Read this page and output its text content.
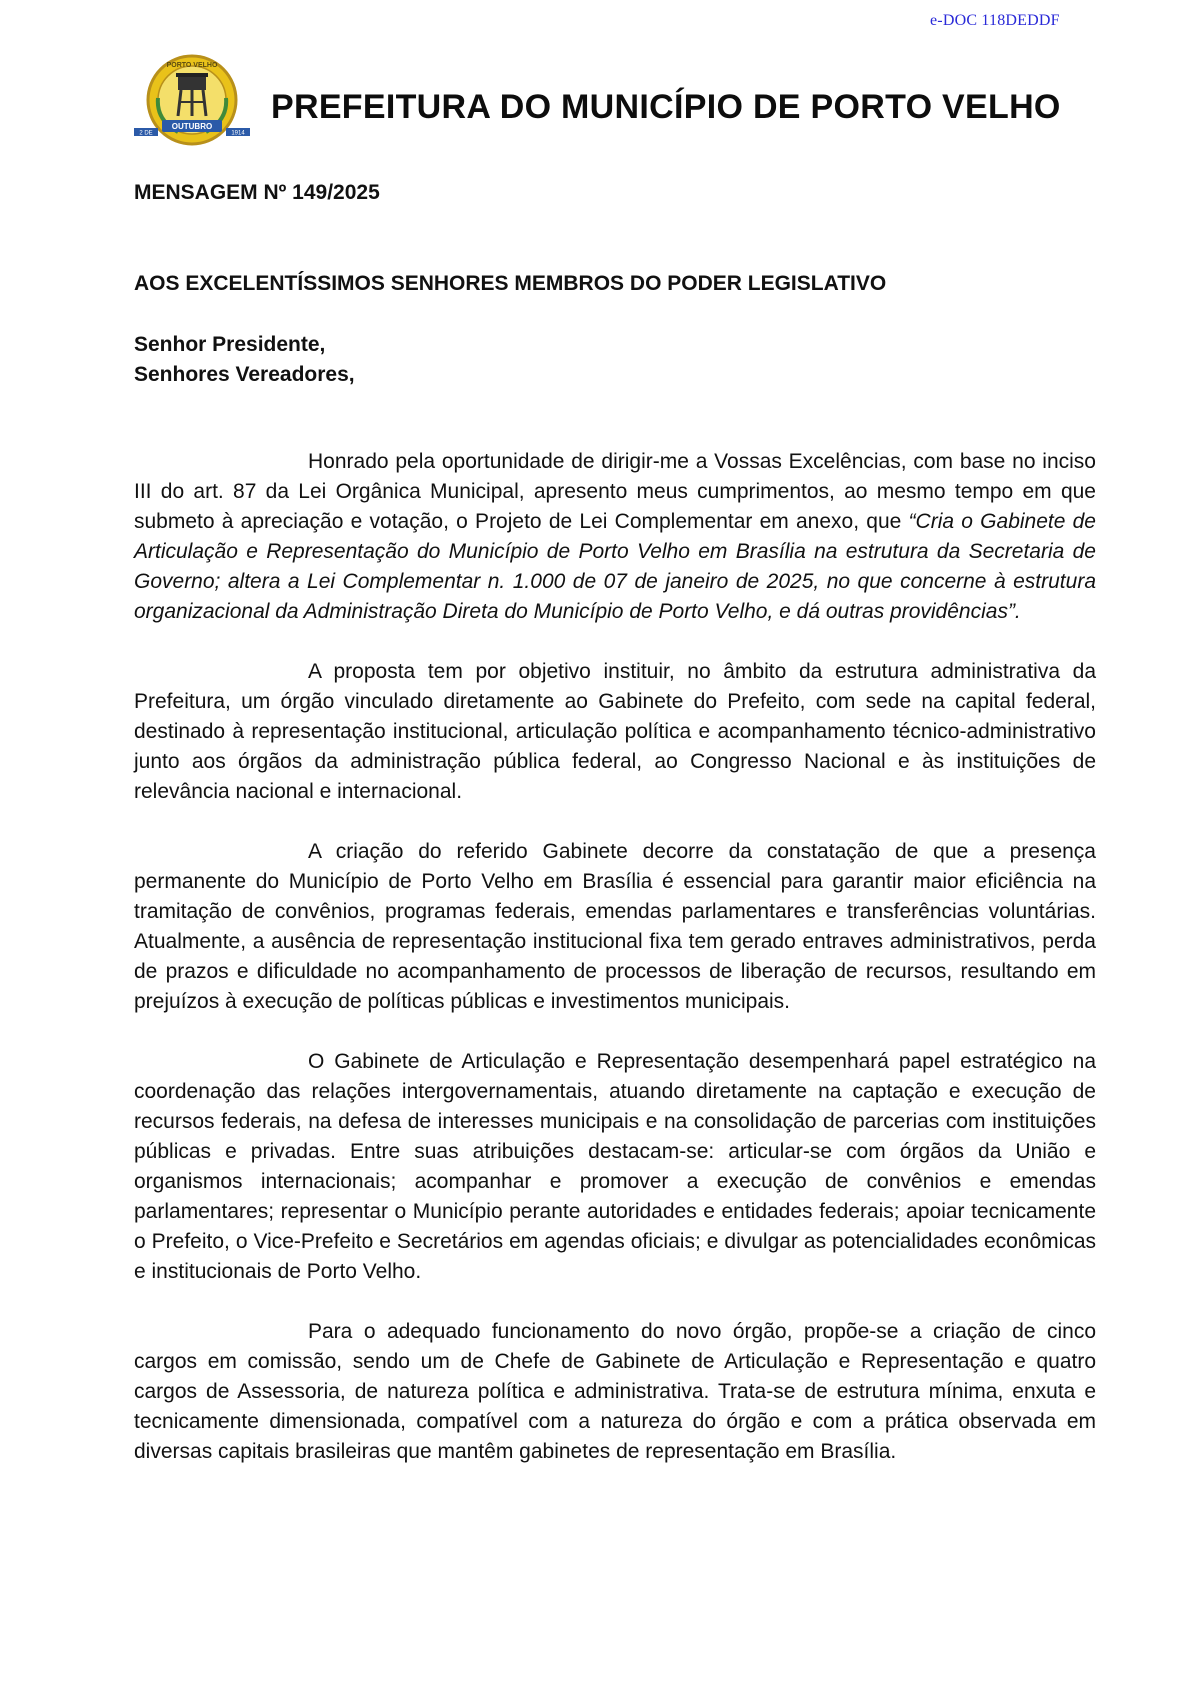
e-DOC 118DEDDF
PORTO VELHO
OUTUBRO
2 DE	1914
PREFEITURA DO MUNICÍPIO DE PORTO VELHO
MENSAGEM Nº 149/2025
AOS EXCELENTÍSSIMOS SENHORES MEMBROS DO PODER LEGISLATIVO
Senhor Presidente,
Senhores Vereadores,

Honrado pela oportunidade de dirigir-me a Vossas Excelências, com base no inciso III do art. 87 da Lei Orgânica Municipal, apresento meus cumprimentos, ao mesmo tempo em que submeto à apreciação e votação, o Projeto de Lei Complementar em anexo, que “Cria o Gabinete de Articulação e Representação do Município de Porto Velho em Brasília na estrutura da Secretaria de Governo; altera a Lei Complementar n. 1.000 de 07 de janeiro de 2025, no que concerne à estrutura organizacional da Administração Direta do Município de Porto Velho, e dá outras providências”.

A proposta tem por objetivo instituir, no âmbito da estrutura administrativa da Prefeitura, um órgão vinculado diretamente ao Gabinete do Prefeito, com sede na capital federal, destinado à representação institucional, articulação política e acompanhamento técnico-administrativo junto aos órgãos da administração pública federal, ao Congresso Nacional e às instituições de relevância nacional e internacional.

A criação do referido Gabinete decorre da constatação de que a presença permanente do Município de Porto Velho em Brasília é essencial para garantir maior eficiência na tramitação de convênios, programas federais, emendas parlamentares e transferências voluntárias. Atualmente, a ausência de representação institucional fixa tem gerado entraves administrativos, perda de prazos e dificuldade no acompanhamento de processos de liberação de recursos, resultando em prejuízos à execução de políticas públicas e investimentos municipais.

O Gabinete de Articulação e Representação desempenhará papel estratégico na coordenação das relações intergovernamentais, atuando diretamente na captação e execução de recursos federais, na defesa de interesses municipais e na consolidação de parcerias com instituições públicas e privadas. Entre suas atribuições destacam-se: articular-se com órgãos da União e organismos internacionais; acompanhar e promover a execução de convênios e emendas parlamentares; representar o Município perante autoridades e entidades federais; apoiar tecnicamente o Prefeito, o Vice-Prefeito e Secretários em agendas oficiais; e divulgar as potencialidades econômicas e institucionais de Porto Velho.

Para o adequado funcionamento do novo órgão, propõe-se a criação de cinco cargos em comissão, sendo um de Chefe de Gabinete de Articulação e Representação e quatro cargos de Assessoria, de natureza política e administrativa. Trata-se de estrutura mínima, enxuta e tecnicamente dimensionada, compatível com a natureza do órgão e com a prática observada em diversas capitais brasileiras que mantêm gabinetes de representação em Brasília.
